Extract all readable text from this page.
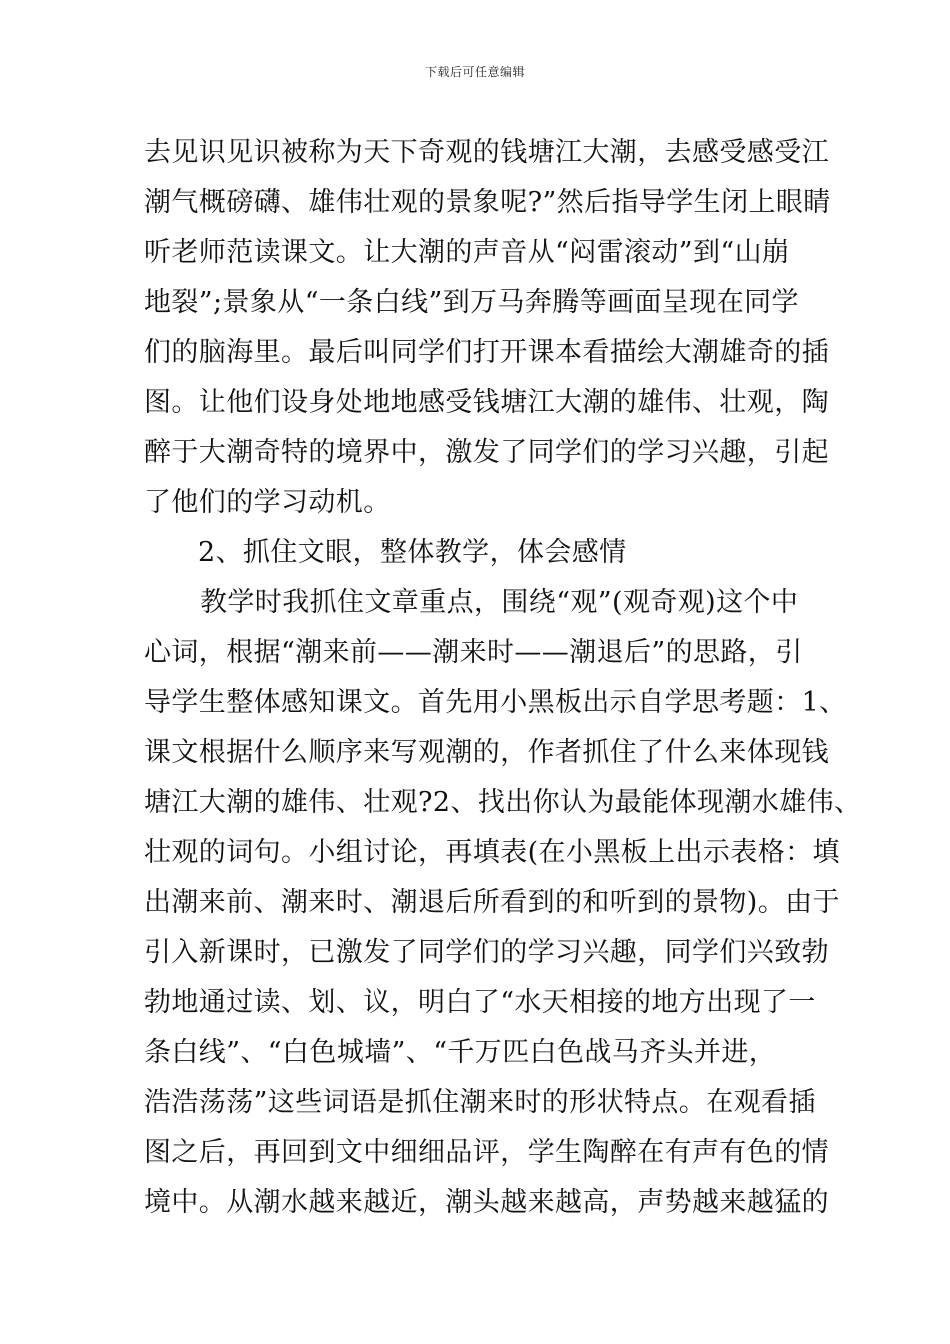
下载后可任意编辑
去见识见识被称为天下奇观的钱塘江大潮，去感受感受江
潮气概磅礴、雄伟壮观的景象呢?”然后指导学生闭上眼睛
听老师范读课文。让大潮的声音从“闷雷滚动”到“山崩
地裂”;景象从“一条白线”到万马奔腾等画面呈现在同学
们的脑海里。最后叫同学们打开课本看描绘大潮雄奇的插
图。让他们设身处地地感受钱塘江大潮的雄伟、壮观，陶
醉于大潮奇特的境界中，激发了同学们的学习兴趣，引起
了他们的学习动机。
2、抓住文眼，整体教学，体会感情
教学时我抓住文章重点，围绕“观”(观奇观)这个中
心词，根据“潮来前——潮来时——潮退后”的思路，引
导学生整体感知课文。首先用小黑板出示自学思考题：1、
课文根据什么顺序来写观潮的，作者抓住了什么来体现钱
塘江大潮的雄伟、壮观?2、找出你认为最能体现潮水雄伟、
壮观的词句。小组讨论，再填表(在小黑板上出示表格：填
出潮来前、潮来时、潮退后所看到的和听到的景物)。由于
引入新课时，已激发了同学们的学习兴趣，同学们兴致勃
勃地通过读、划、议，明白了“水天相接的地方出现了一
条白线”、“白色城墙”、“千万匹白色战马齐头并进，
浩浩荡荡”这些词语是抓住潮来时的形状特点。在观看插
图之后，再回到文中细细品评，学生陶醉在有声有色的情
境中。从潮水越来越近，潮头越来越高，声势越来越猛的
